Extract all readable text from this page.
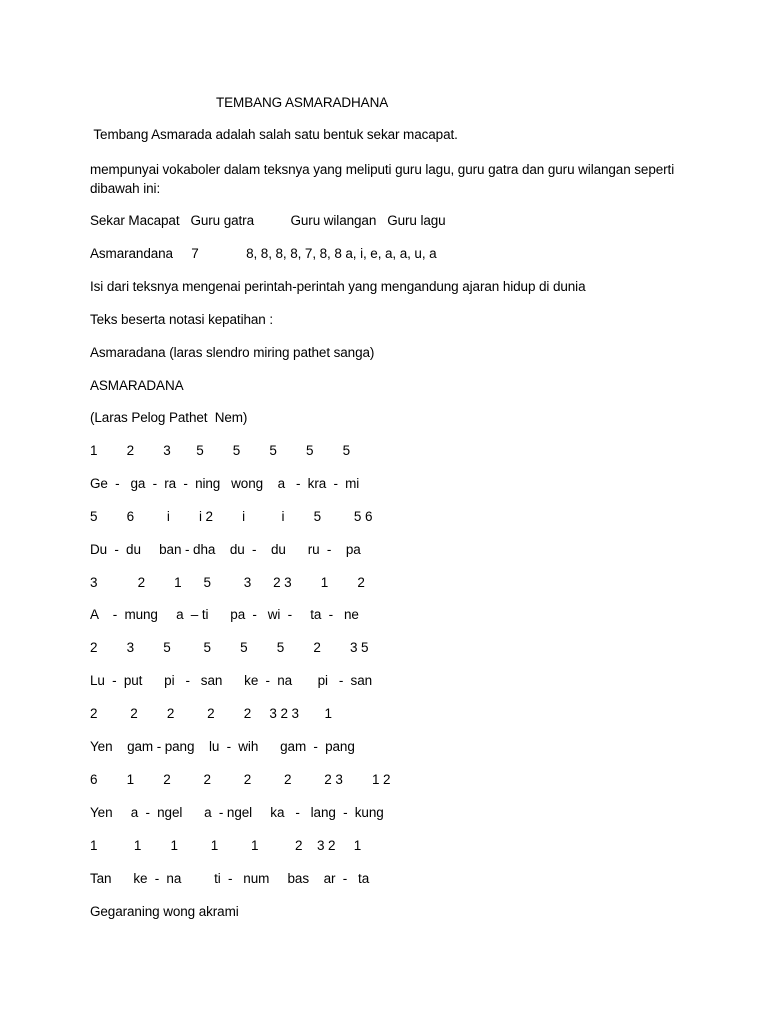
TEMBANG ASMARADHANA
Tembang Asmarada adalah salah satu bentuk sekar macapat.
mempunyai vokaboler dalam teksnya yang meliputi guru lagu, guru gatra dan guru wilangan seperti
dibawah ini:
Sekar Macapat   Guru gatra          Guru wilangan   Guru lagu
Asmarandana     7             8, 8, 8, 8, 7, 8, 8 a, i, e, a, a, u, a
Isi dari teksnya mengenai perintah-perintah yang mengandung ajaran hidup di dunia
Teks beserta notasi kepatihan :
Asmaradana (laras slendro miring pathet sanga)
ASMARADANA
(Laras Pelog Pathet  Nem)
1        2        3       5        5        5        5        5
Ge  -   ga  -  ra  -  ning   wong    a   -  kra  -  mi
5        6         i        i 2        i          i        5         5 6
Du  -  du     ban - dha    du  -    du      ru  -    pa
3           2        1      5         3      2 3        1        2
A    -  mung     a  – ti      pa  -   wi  -     ta  -   ne
2        3        5         5        5        5        2        3 5
Lu  -  put      pi   -   san      ke  -  na       pi   -  san
2         2        2         2        2     3 2 3       1
Yen    gam - pang    lu  -  wih      gam  -  pang
6        1        2         2         2         2         2 3        1 2
Yen     a  -  ngel      a  - ngel     ka   -   lang  -  kung
1          1        1         1         1          2    3 2     1
Tan      ke  -  na         ti  -   num     bas    ar  -   ta
Gegaraning wong akrami
